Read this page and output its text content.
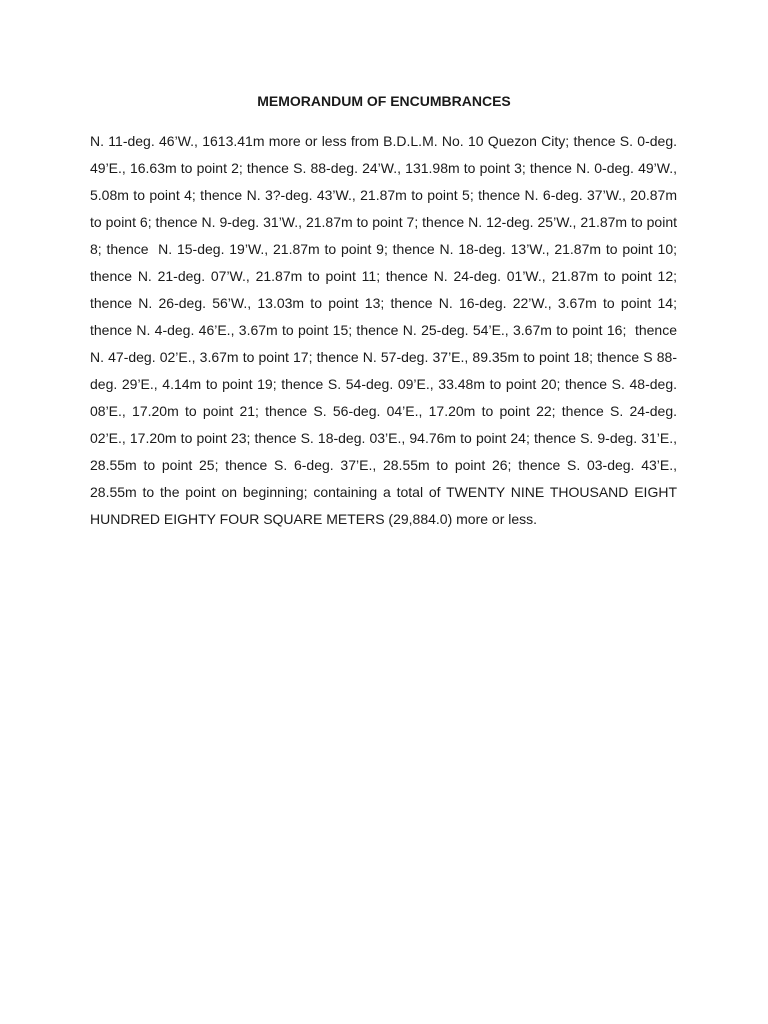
MEMORANDUM OF ENCUMBRANCES
N. 11-deg. 46’W., 1613.41m more or less from B.D.L.M. No. 10 Quezon City; thence S. 0-deg. 49’E., 16.63m to point 2; thence S. 88-deg. 24’W., 131.98m to point 3; thence N. 0-deg. 49’W., 5.08m to point 4; thence N. 3?-deg. 43’W., 21.87m to point 5; thence N. 6-deg. 37’W., 20.87m to point 6; thence N. 9-deg. 31’W., 21.87m to point 7; thence N. 12-deg. 25’W., 21.87m to point 8; thence  N. 15-deg. 19’W., 21.87m to point 9; thence N. 18-deg. 13’W., 21.87m to point 10; thence N. 21-deg. 07’W., 21.87m to point 11; thence N. 24-deg. 01’W., 21.87m to point 12; thence N. 26-deg. 56’W., 13.03m to point 13; thence N. 16-deg. 22’W., 3.67m to point 14; thence N. 4-deg. 46’E., 3.67m to point 15; thence N. 25-deg. 54’E., 3.67m to point 16;  thence N. 47-deg. 02’E., 3.67m to point 17; thence N. 57-deg. 37’E., 89.35m to point 18; thence S 88-deg. 29’E., 4.14m to point 19; thence S. 54-deg. 09’E., 33.48m to point 20; thence S. 48-deg. 08’E., 17.20m to point 21; thence S. 56-deg. 04’E., 17.20m to point 22; thence S. 24-deg. 02’E., 17.20m to point 23; thence S. 18-deg. 03’E., 94.76m to point 24; thence S. 9-deg. 31’E., 28.55m to point 25; thence S. 6-deg. 37’E., 28.55m to point 26; thence S. 03-deg. 43’E., 28.55m to the point on beginning; containing a total of TWENTY NINE THOUSAND EIGHT HUNDRED EIGHTY FOUR SQUARE METERS (29,884.0) more or less.
